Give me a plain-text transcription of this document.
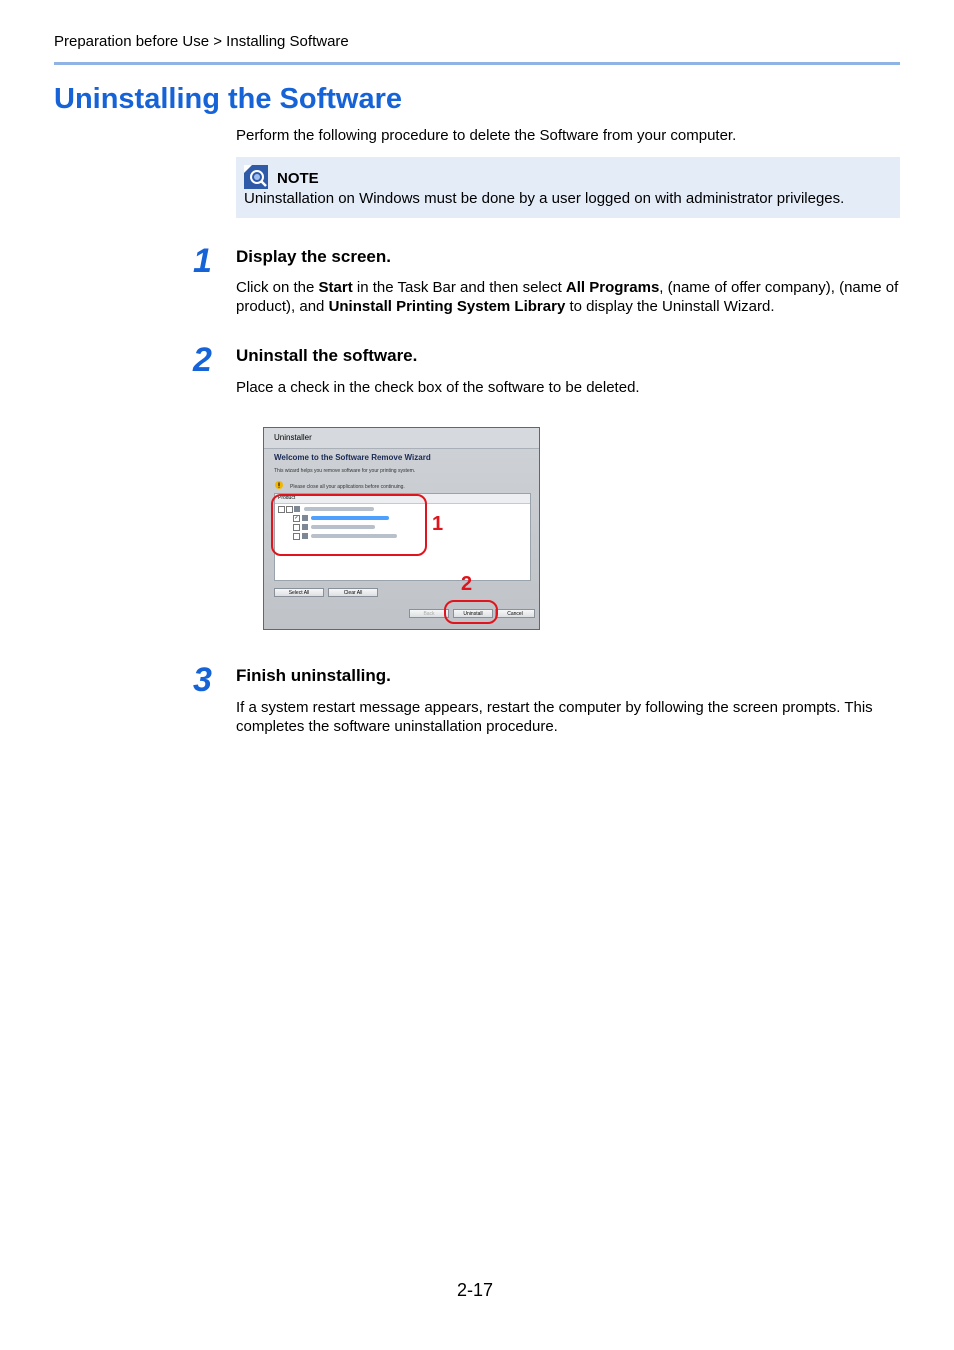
Preparation before Use > Installing Software
Uninstalling the Software
Perform the following procedure to delete the Software from your computer.
NOTE
Uninstallation on Windows must be done by a user logged on with administrator privileges.
1 Display the screen.
Click on the Start in the Task Bar and then select All Programs, (name of offer company), (name of product), and Uninstall Printing System Library to display the Uninstall Wizard.
2 Uninstall the software.
Place a check in the check box of the software to be deleted.
Uninstaller
Welcome to the Software Remove Wizard
This wizard helps you remove software for your printing system.
Please close all your applications before continuing.
Product
✓
Select All	Clear All
Back	Uninstall	Cancel
1
2
3 Finish uninstalling.
If a system restart message appears, restart the computer by following the screen prompts. This completes the software uninstallation procedure.
2-17
